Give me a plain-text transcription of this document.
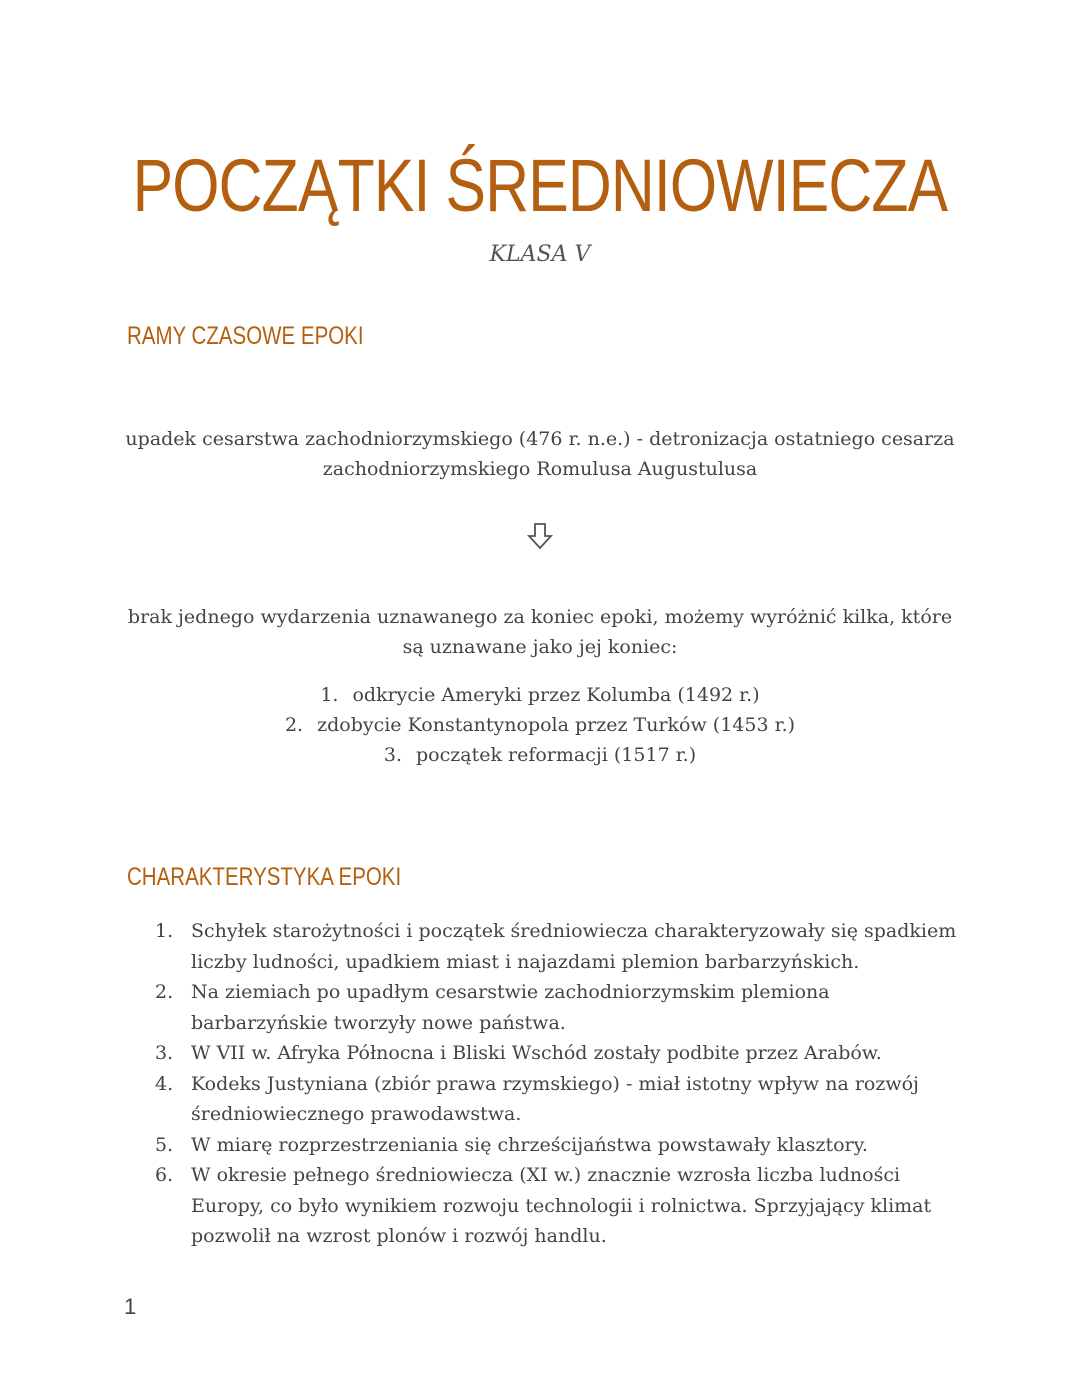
POCZĄTKI ŚREDNIOWIECZA
KLASA V
RAMY CZASOWE EPOKI
upadek cesarstwa zachodniorzymskiego (476 r. n.e.) - detronizacja ostatniego cesarza
zachodniorzymskiego Romulusa Augustulusa
brak jednego wydarzenia uznawanego za koniec epoki, możemy wyróżnić kilka, które
są uznawane jako jej koniec:
1. odkrycie Ameryki przez Kolumba (1492 r.)
2. zdobycie Konstantynopola przez Turków (1453 r.)
3. początek reformacji (1517 r.)
CHARAKTERYSTYKA EPOKI
1. Schyłek starożytności i początek średniowiecza charakteryzowały się spadkiem
liczby ludności, upadkiem miast i najazdami plemion barbarzyńskich.
2. Na ziemiach po upadłym cesarstwie zachodniorzymskim plemiona
barbarzyńskie tworzyły nowe państwa.
3. W VII w. Afryka Północna i Bliski Wschód zostały podbite przez Arabów.
4. Kodeks Justyniana (zbiór prawa rzymskiego) - miał istotny wpływ na rozwój
średniowiecznego prawodawstwa.
5. W miarę rozprzestrzeniania się chrześcijaństwa powstawały klasztory.
6. W okresie pełnego średniowiecza (XI w.) znacznie wzrosła liczba ludności
Europy, co było wynikiem rozwoju technologii i rolnictwa. Sprzyjający klimat
pozwolił na wzrost plonów i rozwój handlu.
1
